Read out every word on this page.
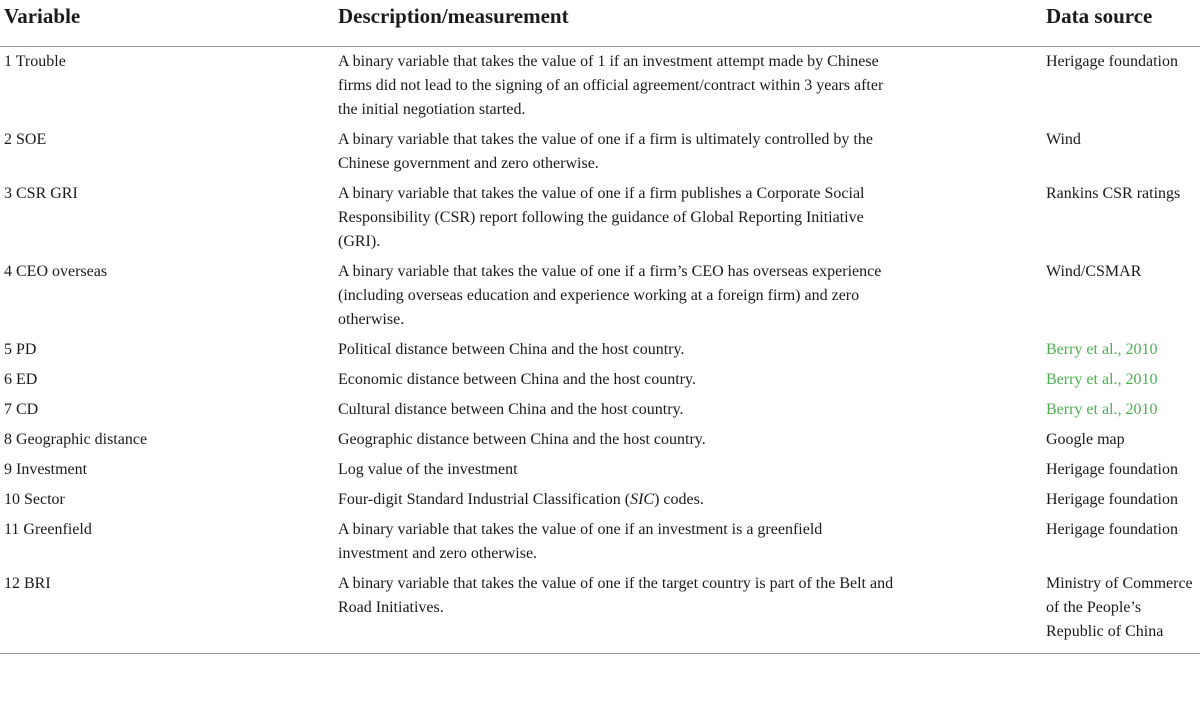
Variable	Description/measurement	Data source
1 Trouble	A binary variable that takes the value of 1 if an investment attempt made by Chinese firms did not lead to the signing of an official agreement/contract within 3 years after the initial negotiation started.	Herigage foundation
2 SOE	A binary variable that takes the value of one if a firm is ultimately controlled by the Chinese government and zero otherwise.	Wind
3 CSR GRI	A binary variable that takes the value of one if a firm publishes a Corporate Social Responsibility (CSR) report following the guidance of Global Reporting Initiative (GRI).	Rankins CSR ratings
4 CEO overseas	A binary variable that takes the value of one if a firm’s CEO has overseas experience (including overseas education and experience working at a foreign firm) and zero otherwise.	Wind/CSMAR
5 PD	Political distance between China and the host country.	Berry et al., 2010
6 ED	Economic distance between China and the host country.	Berry et al., 2010
7 CD	Cultural distance between China and the host country.	Berry et al., 2010
8 Geographic distance	Geographic distance between China and the host country.	Google map
9 Investment	Log value of the investment	Herigage foundation
10 Sector	Four-digit Standard Industrial Classification (SIC) codes.	Herigage foundation
11 Greenfield	A binary variable that takes the value of one if an investment is a greenfield investment and zero otherwise.	Herigage foundation
12 BRI	A binary variable that takes the value of one if the target country is part of the Belt and Road Initiatives.	Ministry of Commerce of the People’s Republic of China
